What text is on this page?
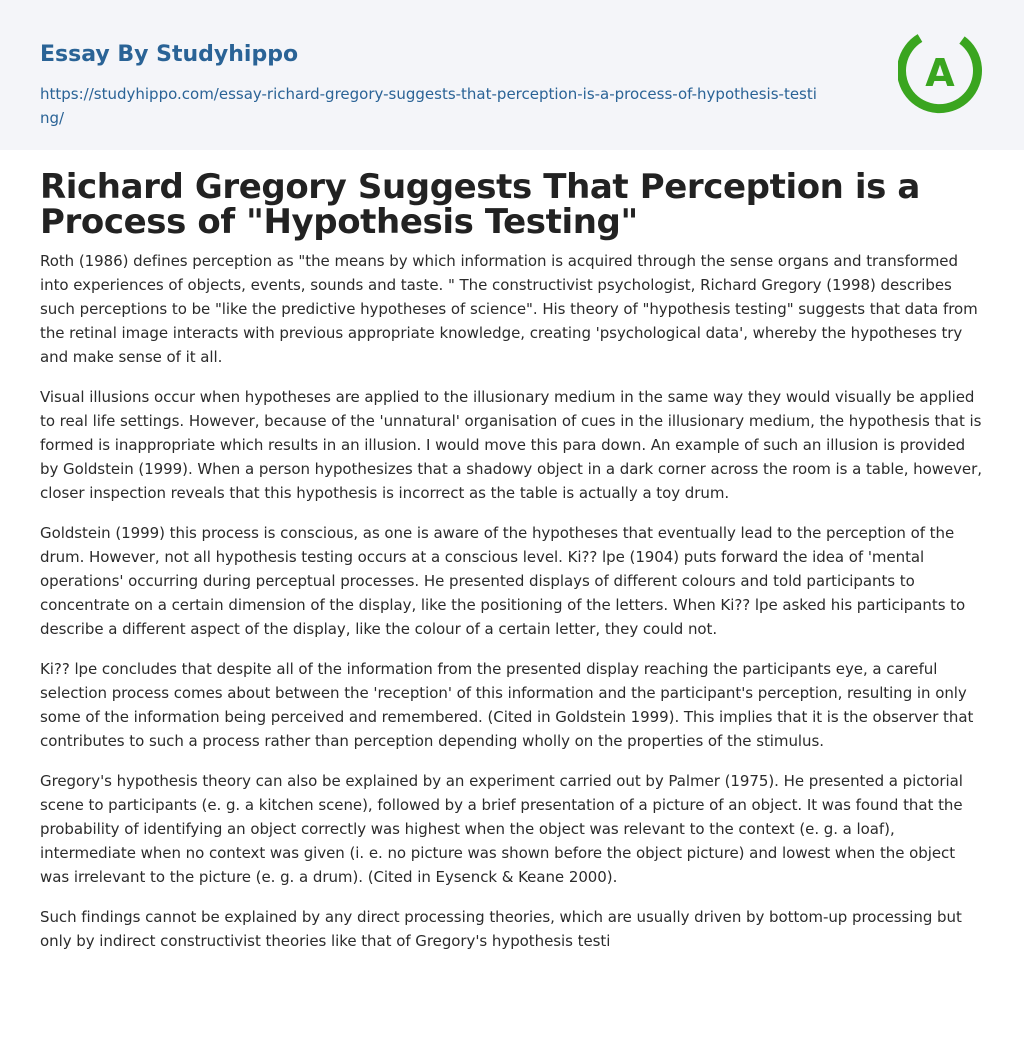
Essay By Studyhippo
https://studyhippo.com/essay-richard-gregory-suggests-that-perception-is-a-process-of-hypothesis-testing/
A
Richard Gregory Suggests That Perception is a Process of "Hypothesis Testing"

Roth (1986) defines perception as "the means by which information is acquired through the sense organs and transformed into experiences of objects, events, sounds and taste. " The constructivist psychologist, Richard Gregory (1998) describes such perceptions to be "like the predictive hypotheses of science". His theory of "hypothesis testing" suggests that data from the retinal image interacts with previous appropriate knowledge, creating 'psychological data', whereby the hypotheses try and make sense of it all.

Visual illusions occur when hypotheses are applied to the illusionary medium in the same way they would visually be applied to real life settings. However, because of the 'unnatural' organisation of cues in the illusionary medium, the hypothesis that is formed is inappropriate which results in an illusion. I would move this para down. An example of such an illusion is provided by Goldstein (1999). When a person hypothesizes that a shadowy object in a dark corner across the room is a table, however, closer inspection reveals that this hypothesis is incorrect as the table is actually a toy drum.

Goldstein (1999) this process is conscious, as one is aware of the hypotheses that eventually lead to the perception of the drum. However, not all hypothesis testing occurs at a conscious level. Ki?? lpe (1904) puts forward the idea of 'mental operations' occurring during perceptual processes. He presented displays of different colours and told participants to concentrate on a certain dimension of the display, like the positioning of the letters. When Ki?? lpe asked his participants to describe a different aspect of the display, like the colour of a certain letter, they could not.

Ki?? lpe concludes that despite all of the information from the presented display reaching the participants eye, a careful selection process comes about between the 'reception' of this information and the participant's perception, resulting in only some of the information being perceived and remembered. (Cited in Goldstein 1999). This implies that it is the observer that contributes to such a process rather than perception depending wholly on the properties of the stimulus.

Gregory's hypothesis theory can also be explained by an experiment carried out by Palmer (1975). He presented a pictorial scene to participants (e. g. a kitchen scene), followed by a brief presentation of a picture of an object. It was found that the probability of identifying an object correctly was highest when the object was relevant to the context (e. g. a loaf), intermediate when no context was given (i. e. no picture was shown before the object picture) and lowest when the object was irrelevant to the picture (e. g. a drum). (Cited in Eysenck & Keane 2000).

Such findings cannot be explained by any direct processing theories, which are usually driven by bottom-up processing but only by indirect constructivist theories like that of Gregory's hypothesis testi
